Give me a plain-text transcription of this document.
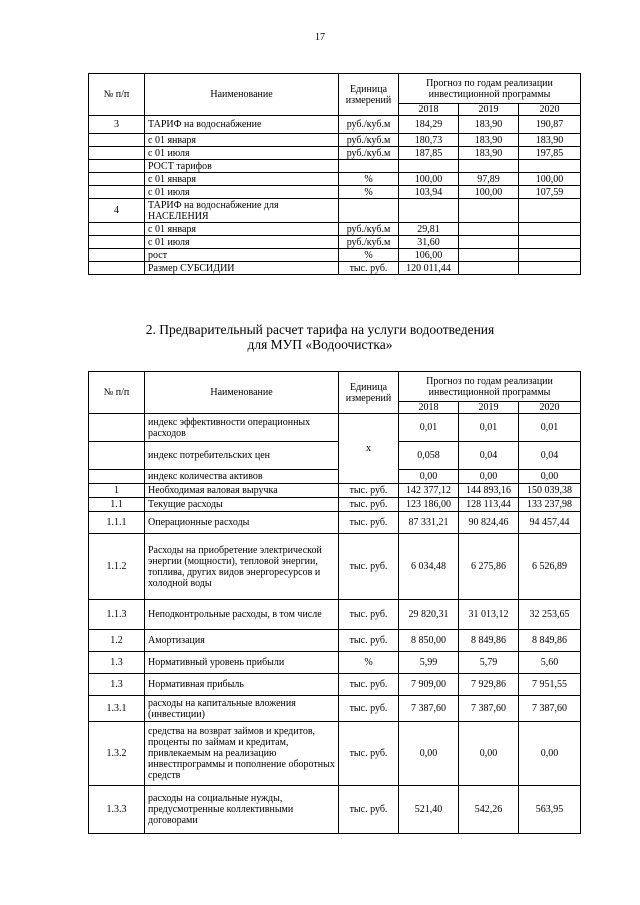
17
№ п/п	Наименование	Единица измерений	Прогноз по годам реализации инвестиционной программы		
			2018	2019	2020
3	ТАРИФ на водоснабжение	руб./куб.м	184,29	183,90	190,87
	с 01 января	руб./куб.м	180,73	183,90	183,90
	с 01 июля	руб./куб.м	187,85	183,90	197,85
	РОСТ тарифов				
	с 01 января	%	100,00	97,89	100,00
	с 01 июля	%	103,94	100,00	107,59
4	ТАРИФ на водоснабжение для НАСЕЛЕНИЯ				
	с 01 января	руб./куб.м	29,81		
	с 01 июля	руб./куб.м	31,60		
	рост	%	106,00		
	Размер СУБСИДИИ	тыс. руб.	120 011,44		
2. Предварительный расчет тарифа на услуги водоотведения
для МУП «Водоочистка»
№ п/п	Наименование	Единица измерений	Прогноз по годам реализации инвестиционной программы		
			2018	2019	2020
	индекс эффективности операционных расходов	x	0,01	0,01	0,01
	индекс потребительских цен		0,058	0,04	0,04
	индекс количества активов		0,00	0,00	0,00
1	Необходимая валовая выручка	тыс. руб.	142 377,12	144 893,16	150 039,38
1.1	Текущие расходы	тыс. руб.	123 186,00	128 113,44	133 237,98
1.1.1	Операционные расходы	тыс. руб.	87 331,21	90 824,46	94 457,44
1.1.2	Расходы на приобретение электрической энергии (мощности), тепловой энергии, топлива, других видов энергоресурсов и холодной воды	тыс. руб.	6 034,48	6 275,86	6 526,89
1.1.3	Неподконтрольные расходы, в том числе	тыс. руб.	29 820,31	31 013,12	32 253,65
1.2	Амортизация	тыс. руб.	8 850,00	8 849,86	8 849,86
1.3	Нормативный уровень прибыли	%	5,99	5,79	5,60
1.3	Нормативная прибыль	тыс. руб.	7 909,00	7 929,86	7 951,55
1.3.1	расходы на капитальные вложения (инвестиции)	тыс. руб.	7 387,60	7 387,60	7 387,60
1.3.2	средства на возврат займов и кредитов, проценты по займам и кредитам, привлекаемым на реализацию инвестпрограммы и пополнение оборотных средств	тыс. руб.	0,00	0,00	0,00
1.3.3	расходы на социальные нужды, предусмотренные коллективными договорами	тыс. руб.	521,40	542,26	563,95
